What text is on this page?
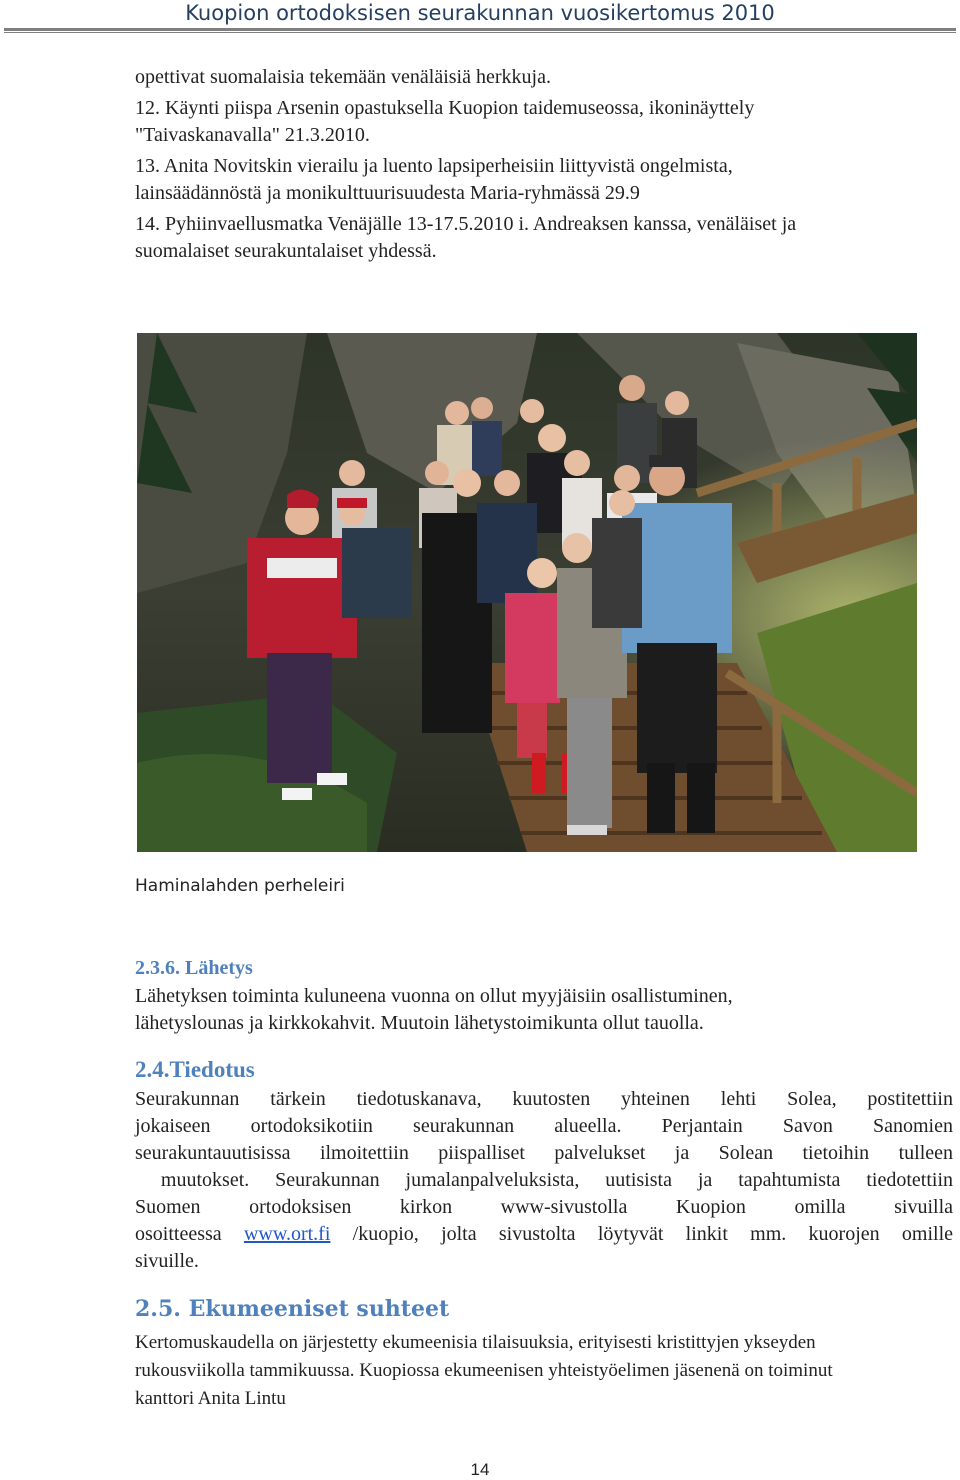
Kuopion ortodoksisen seurakunnan vuosikertomus 2010
opettivat suomalaisia tekemään venäläisiä herkkuja.
12. Käynti piispa Arsenin opastuksella Kuopion taidemuseossa, ikoninäyttely
"Taivaskanavalla" 21.3.2010.
13. Anita Novitskin vierailu ja luento lapsiperheisiin liittyvistä ongelmista,
lainsäädännöstä ja monikulttuurisuudesta Maria-ryhmässä 29.9
14. Pyhiinvaellusmatka Venäjälle 13-17.5.2010 i. Andreaksen kanssa, venäläiset ja
suomalaiset seurakuntalaiset yhdessä.
Haminalahden perheleiri
2.3.6. Lähetys
Lähetyksen toiminta kuluneena vuonna on ollut myyjäisiin osallistuminen,
lähetyslounas ja kirkkokahvit. Muutoin lähetystoimikunta ollut tauolla.
2.4.Tiedotus
Seurakunnan tärkein tiedotuskanava, kuutosten yhteinen lehti Solea, postitettiin
jokaiseen ortodoksikotiin seurakunnan alueella. Perjantain Savon Sanomien
seurakuntauutisissa ilmoitettiin piispalliset palvelukset ja Solean tietoihin tulleen
muutokset. Seurakunnan jumalanpalveluksista, uutisista ja tapahtumista tiedotettiin
Suomen ortodoksisen kirkon www-sivustolla Kuopion omilla sivuilla
osoitteessa www.ort.fi /kuopio, jolta sivustolta löytyvät linkit mm. kuorojen omille
sivuille.
2.5. Ekumeeniset suhteet
Kertomuskaudella on järjestetty ekumeenisia tilaisuuksia, erityisesti kristittyjen ykseyden
rukousviikolla tammikuussa. Kuopiossa ekumeenisen yhteistyöelimen jäsenenä on toiminut
kanttori Anita Lintu
14
